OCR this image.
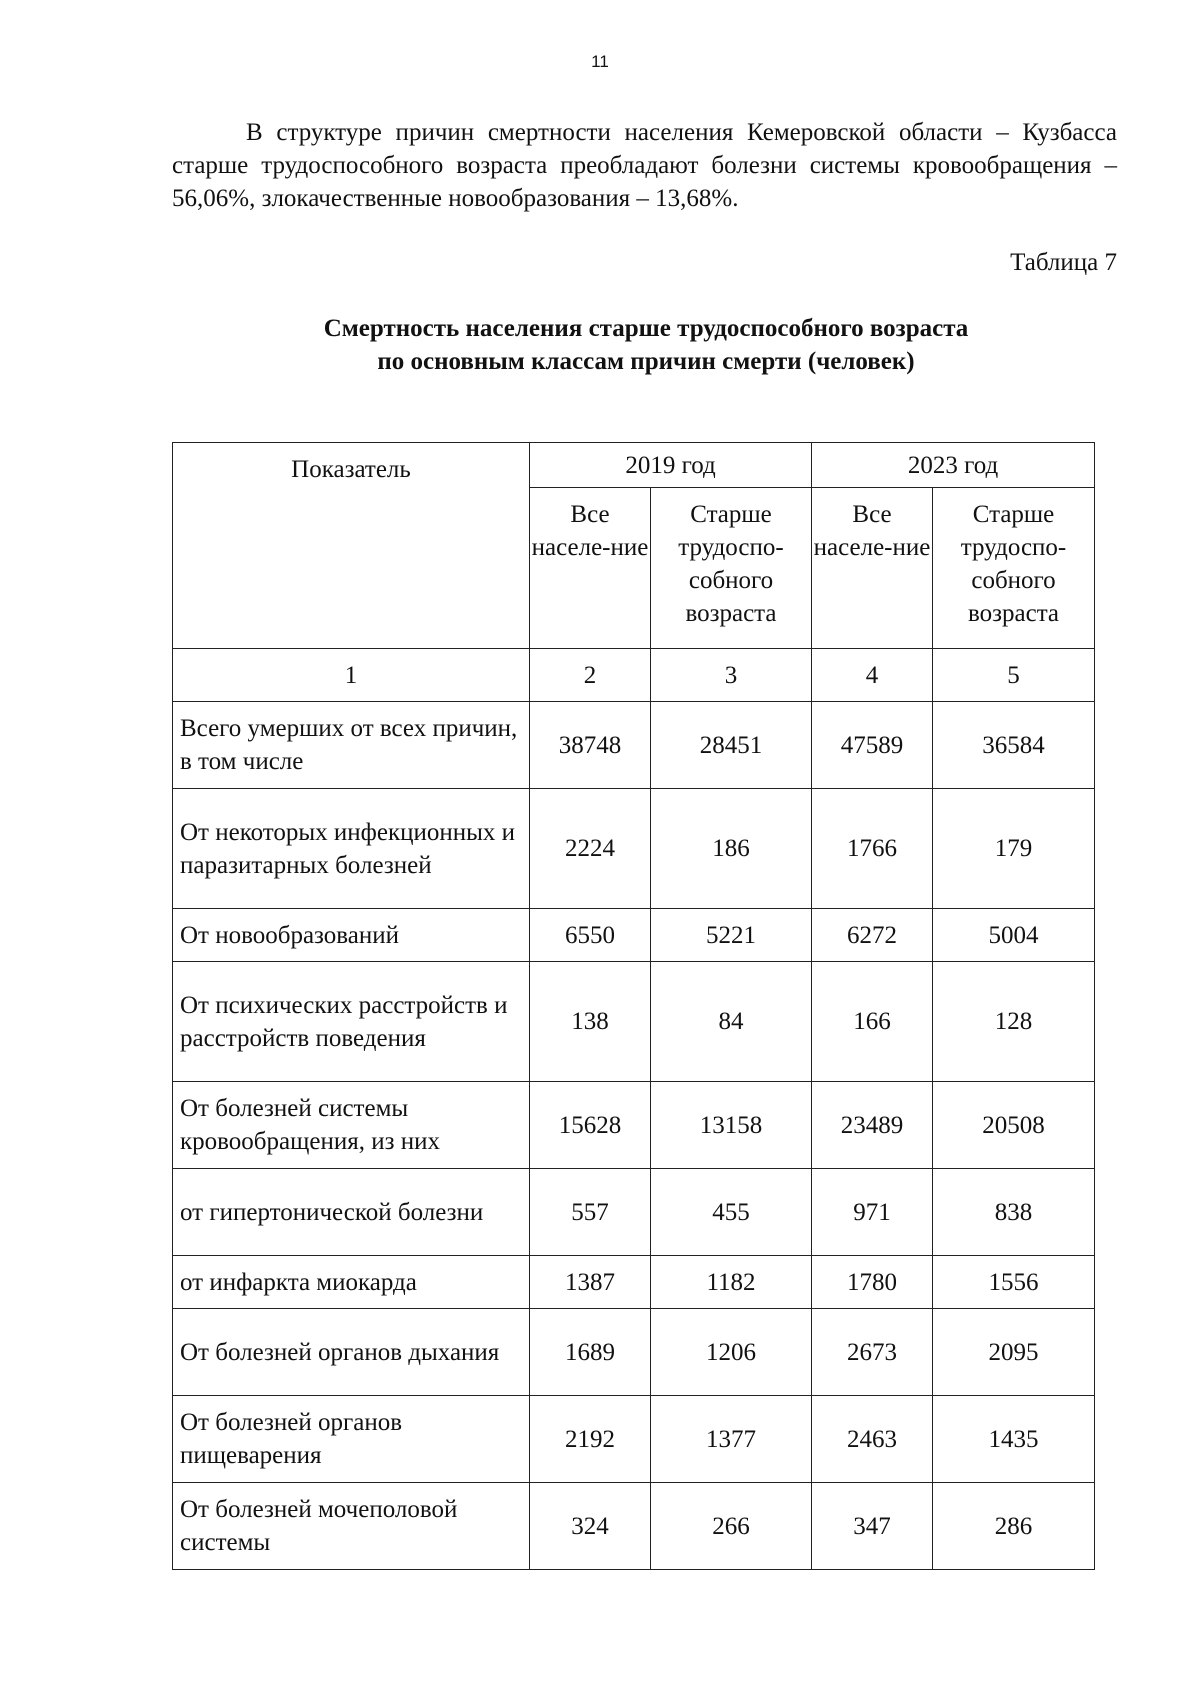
11

В структуре причин смертности населения Кемеровской области – Кузбасса старше трудоспособного возраста преобладают болезни системы кровообращения – 56,06%, злокачественные новообразования – 13,68%.

Таблица 7
Смертность населения старше трудоспособного возраста
по основным классам причин смерти (человек)
Показатель	2019 год		2023 год	
	Все населе-ние	Старше трудоспо-собного возраста	Все населе-ние	Старше трудоспо-собного возраста
1	2	3	4	5
Всего умерших от всех причин, в том числе	38748	28451	47589	36584
От некоторых инфекционных и паразитарных болезней	2224	186	1766	179
От новообразований	6550	5221	6272	5004
От психических расстройств и расстройств поведения	138	84	166	128
От болезней системы кровообращения, из них	15628	13158	23489	20508
от гипертонической болезни	557	455	971	838
от инфаркта миокарда	1387	1182	1780	1556
От болезней органов дыхания	1689	1206	2673	2095
От болезней органов пищеварения	2192	1377	2463	1435
От болезней мочеполовой системы	324	266	347	286
